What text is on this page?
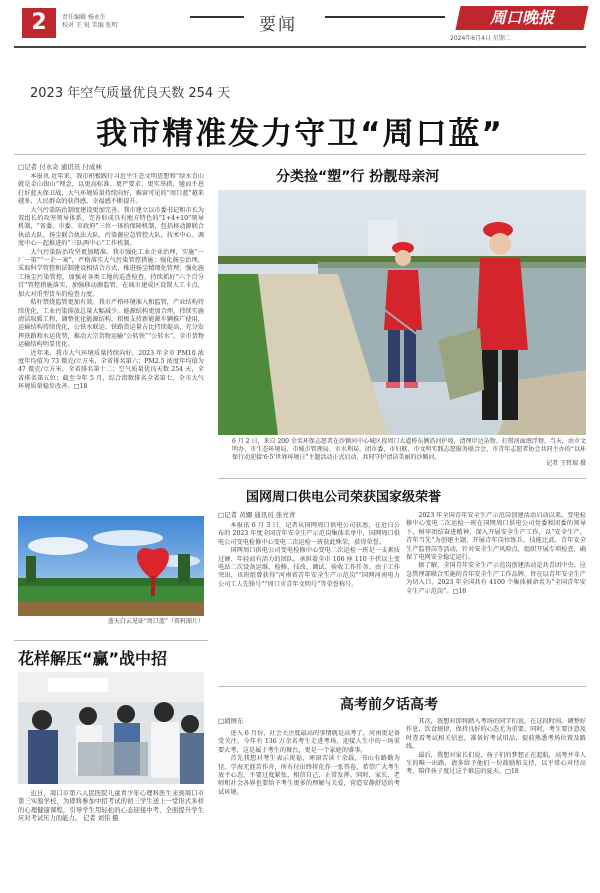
2	责任编辑 杨永生
校对 王 锐 美编 张明	要闻	周口晚报
2024年6月4日 星期二
2023 年空气质量优良天数 254 天
我市精准发力守卫“周口蓝”
□记者 付永奇 通讯员 付成林

本报讯 近年来，我市积极践行习近平生态文明思想和“绿水青山就是金山银山”理念，以更高标准、更严要求、更实举措，驰而不息打好蓝天保卫战，大气环境质量持续向好，推窗可见的“周口蓝”越来越多，人民群众的获得感、幸福感不断提升。

大气污染防治制度建设更加完善。我市建立以市委书记和市长为双组长的攻坚领导体系，完善形成具有地方特色的“1+4+10”领导机制，“省委、市委、市政府”三位一体的保障机制，包括移动源联合执法大队、扬尘联合执法大队、污染源应急管控大队，技术中心、调度中心一起推进的“三队两中心”工作机制。

大气污染防治攻坚更加精准。我市强化工业企业治理，实施“一厂一策”“一企一案”，严格落实大气污染管控措施；强化扬尘治理，采取科学管控和法制建设相结合方式，推进扬尘精细化管理；强化施工扬尘污染管控，加强对各类工地的巡查检查，持续抓好“六个百分百”管控措施落实，加强移动源监管，在城市建成区设置人工卡点，加大对重型货车的检查力度。

秸秆禁烧监管更加有效。我市严格环境准入和监管，产业结构持续优化，工业污染排放总量大幅减少。能源结构更加合理，持续实施清洁取暖工程，调整优化能源结构，积极支持新能源车辆推广使用，运输结构持续优化，公铁水联运、铁路货运量占比持续提高，充分发挥铁路和水运优势，推动大宗货物运输“公转铁”“公转水”，全市货物运输结构明显优化。

近年来，我市大气环境质量持续向好，2023 年全市 PM10 浓度年均值为 73 微克/立方米，全省排名第六；PM2.5 浓度年均值为 47 微克/立方米，全省排名第十二；空气质量优良天数 254 天，全省排名第五位；截至今年 5 月，综合指数排名全省第七，全市大气环境质量稳步改善。□18

蓝天白云见证“周口蓝”（资料图片）
分类捡“塑”行 扮靓母亲河
6 月 2 日，来自 200 余名环保志愿者在沙颍河中心城区段周口大道桥东侧沿河护坡，清理岸边杂物、打捞河面漂浮物。当天，由市文明办、市生态环境局、市城市管理局、市水利局、团市委、市妇联、市文明实践志愿服务联合会、市青年志愿者协会共同主办的“以环保行动迎接‘6·5’世界环境日”主题活动正式启动，共同守护清洁美丽的沙颍河。
记者 王哲瑞 摄
国网周口供电公司荣获国家级荣誉
□记者 黄娜 通讯员 张亮青

本报讯 6 月 3 日，记者从国网周口供电公司获悉，在近日公布的 2023 年度全国青年安全生产示范岗集体名单中，国网周口供电公司变电检修中心变电二次运检一班获此殊荣，获得荣誉。

国网周口供电公司变电检修中心变电二次运检一班是一支素质过硬、年轻而有活力的团队，承担着全市 106 座 110 千伏以上变电站二次设备运维、检修、技改、调试、验收工作任务。由于工作突出，该班组曾获得“河南省青年安全生产示范岗”“国网河南电力公司工人先锋号”“周口市青年文明号”等荣誉称号。

2023 年全国青年安全生产示范岗创建活动启动以来，变电检修中心变电二次运检一班在国网周口供电公司党委和团委的领导下，树牢团结奋进精神，深入开展安全生产工作，以“安全生产，青年当先”为创建主题，开展青年岗位练兵、技能比武、青年安全生产监督岗等活动，针对安全生产风险点，组织开展专项检查，确保了电网安全稳定运行。

据了解，全国青年安全生产示范岗创建活动是共青团中央、应急管理部联合实施的青年安全生产工作品牌，旨在以青年安全生产为切入口，2023 年全国共有 4100 个集体被命名为“全国青年安全生产示范岗”。□18

花样解压“赢”战中招

近日，周口市第六人民医院儿童青少年心理科医生来到周口市第三实验学校，为即将参加中招考试的初三学生送上一堂形式多样的心理健康课程，引导学生用轻松的心态迎接中考，全面提升学生应对考试压力的能力。 记者 刘伟 摄

高考前夕话高考
□胡屏东

进入 6 月份，社会关注度最高的事情就是高考了，河南更是备受关注，今年有 136 万余名考生走进考场，迎接人生中的一场重要大考，这是属于考生的舞台，更是一个家庭的盛事。

首先我想对考生表示祝福，寒窗苦读十余载，书山有路勤为径，学海无涯苦作舟，所有付出终将化作一张答卷，希望广大考生放平心态，不要过度紧张，相信自己，正常发挥。同时，家长、老师和社会各界也要给予考生更多的理解与关爱，营造安静舒适的考试环境。

其次，我想对即将踏入考场的同学们说，在这段时间，调整好作息，饮食规律，保持良好的心态尤为重要。同时，考生要注意及时查看考试相关信息，准备好考试用品，提前熟悉考场位置及路线。

最后，我想对家长们说，孩子们的梦想正在起航，高考并非人生的唯一出路，请多给予他们一份鼓励和支持，以平常心对待高考，陪伴孩子度过这个难忘的夏天。□18
